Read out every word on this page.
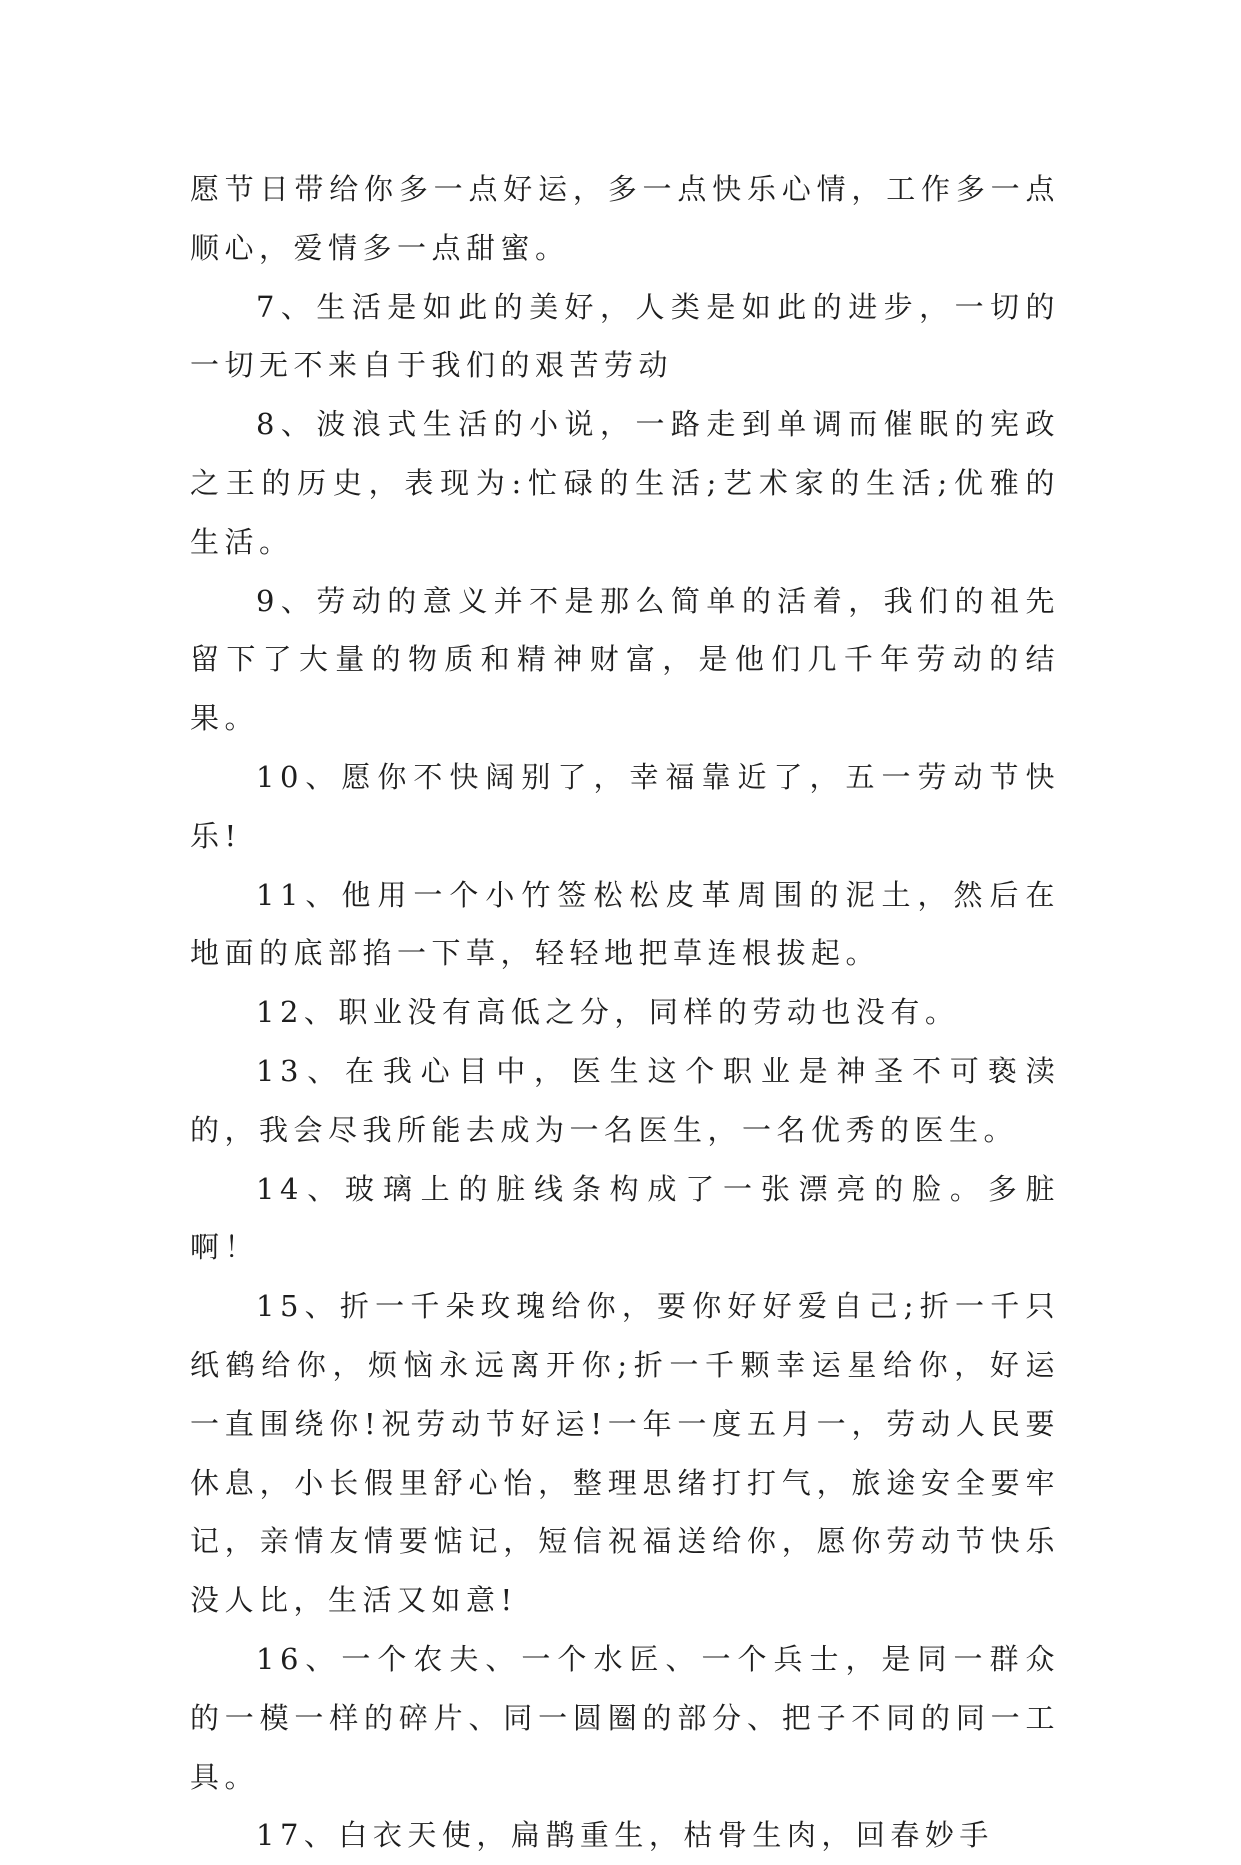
愿节日带给你多一点好运，多一点快乐心情，工作多一点顺心，爱情多一点甜蜜。

7、生活是如此的美好，人类是如此的进步，一切的一切无不来自于我们的艰苦劳动

8、波浪式生活的小说，一路走到单调而催眠的宪政之王的历史，表现为:忙碌的生活;艺术家的生活;优雅的生活。

9、劳动的意义并不是那么简单的活着，我们的祖先留下了大量的物质和精神财富，是他们几千年劳动的结果。

10、愿你不快阔别了，幸福靠近了，五一劳动节快乐!

11、他用一个小竹签松松皮革周围的泥土，然后在地面的底部掐一下草，轻轻地把草连根拔起。

12、职业没有高低之分，同样的劳动也没有。

13、在我心目中，医生这个职业是神圣不可亵渎的，我会尽我所能去成为一名医生，一名优秀的医生。

14、玻璃上的脏线条构成了一张漂亮的脸。多脏啊！

15、折一千朵玫瑰给你，要你好好爱自己;折一千只纸鹤给你，烦恼永远离开你;折一千颗幸运星给你，好运一直围绕你!祝劳动节好运!一年一度五月一，劳动人民要休息，小长假里舒心怡，整理思绪打打气，旅途安全要牢记，亲情友情要惦记，短信祝福送给你，愿你劳动节快乐没人比，生活又如意!

16、一个农夫、一个水匠、一个兵士，是同一群众的一模一样的碎片、同一圆圈的部分、把子不同的同一工具。

17、白衣天使，扁鹊重生，枯骨生肉，回春妙手
